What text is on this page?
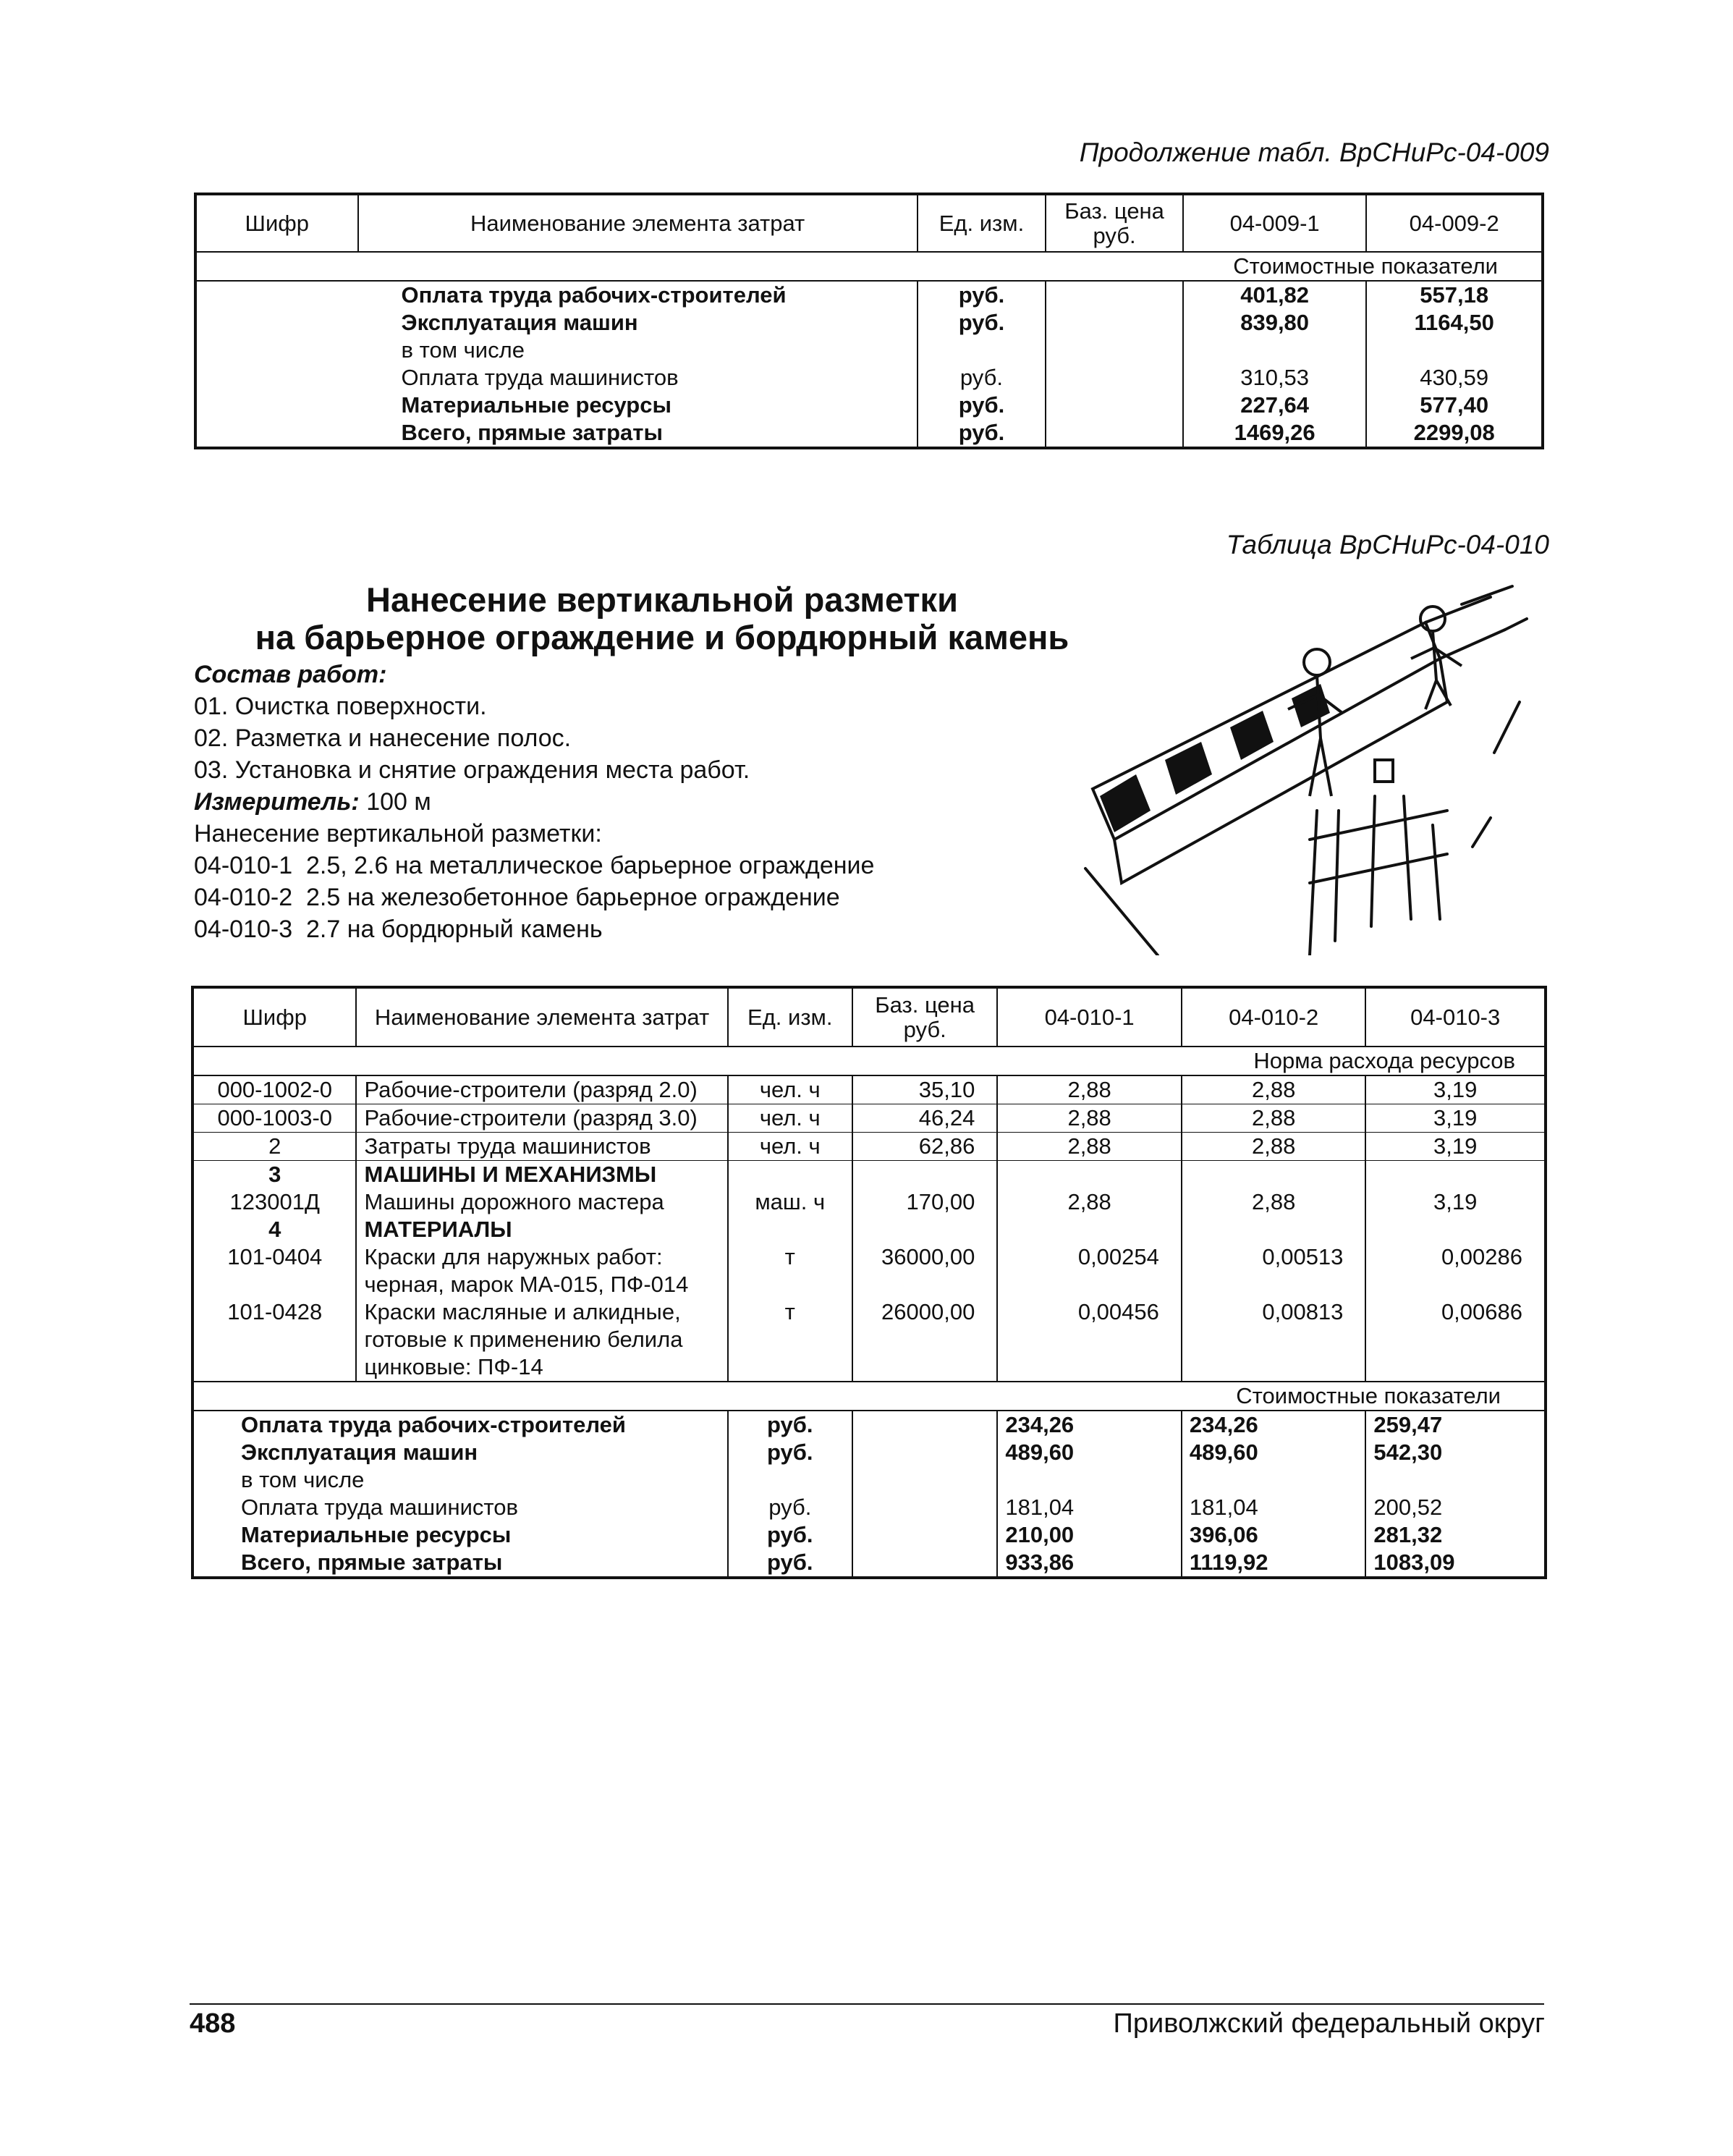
Продолжение табл. ВрСНиРс-04-009
Шифр	Наименование элемента затрат	Ед. изм.	Баз. цена руб.	04-009-1	04-009-2
Стоимостные показатели					
	Оплата труда рабочих-строителей	руб.		401,82	557,18
	Эксплуатация машин	руб.		839,80	1164,50
	в том числе				
	Оплата труда машинистов	руб.		310,53	430,59
	Материальные ресурсы	руб.		227,64	577,40
	Всего, прямые затраты	руб.		1469,26	2299,08
Таблица ВрСНиРс-04-010
Нанесение вертикальной разметки
на барьерное ограждение и бордюрный камень
Состав работ:
01. Очистка поверхности.
02. Разметка и нанесение полос.
03. Установка и снятие ограждения места работ.
Измеритель: 100 м
Нанесение вертикальной разметки:
04-010-1  2.5, 2.6 на металлическое барьерное ограждение
04-010-2  2.5 на железобетонное барьерное ограждение
04-010-3  2.7 на бордюрный камень
Шифр	Наименование элемента затрат	Ед. изм.	Баз. цена руб.	04-010-1	04-010-2	04-010-3
Норма расхода ресурсов						
000-1002-0	Рабочие-строители (разряд 2.0)	чел. ч	35,10	2,88	2,88	3,19
000-1003-0	Рабочие-строители (разряд 3.0)	чел. ч	46,24	2,88	2,88	3,19
2	Затраты труда машинистов	чел. ч	62,86	2,88	2,88	3,19
3	МАШИНЫ И МЕХАНИЗМЫ					
123001Д	Машины дорожного мастера	маш. ч	170,00	2,88	2,88	3,19
4	МАТЕРИАЛЫ					
101-0404	Краски для наружных работ: черная, марок МА-015, ПФ-014	т	36000,00	0,00254	0,00513	0,00286
101-0428	Краски масляные и алкидные, готовые к применению белила цинковые: ПФ-14	т	26000,00	0,00456	0,00813	0,00686
Стоимостные показатели						
Оплата труда рабочих-строителей		руб.		234,26	234,26	259,47
Эксплуатация машин		руб.		489,60	489,60	542,30
в том числе						
Оплата труда машинистов		руб.		181,04	181,04	200,52
Материальные ресурсы		руб.		210,00	396,06	281,32
Всего, прямые затраты		руб.		933,86	1119,92	1083,09
488	Приволжский федеральный округ
